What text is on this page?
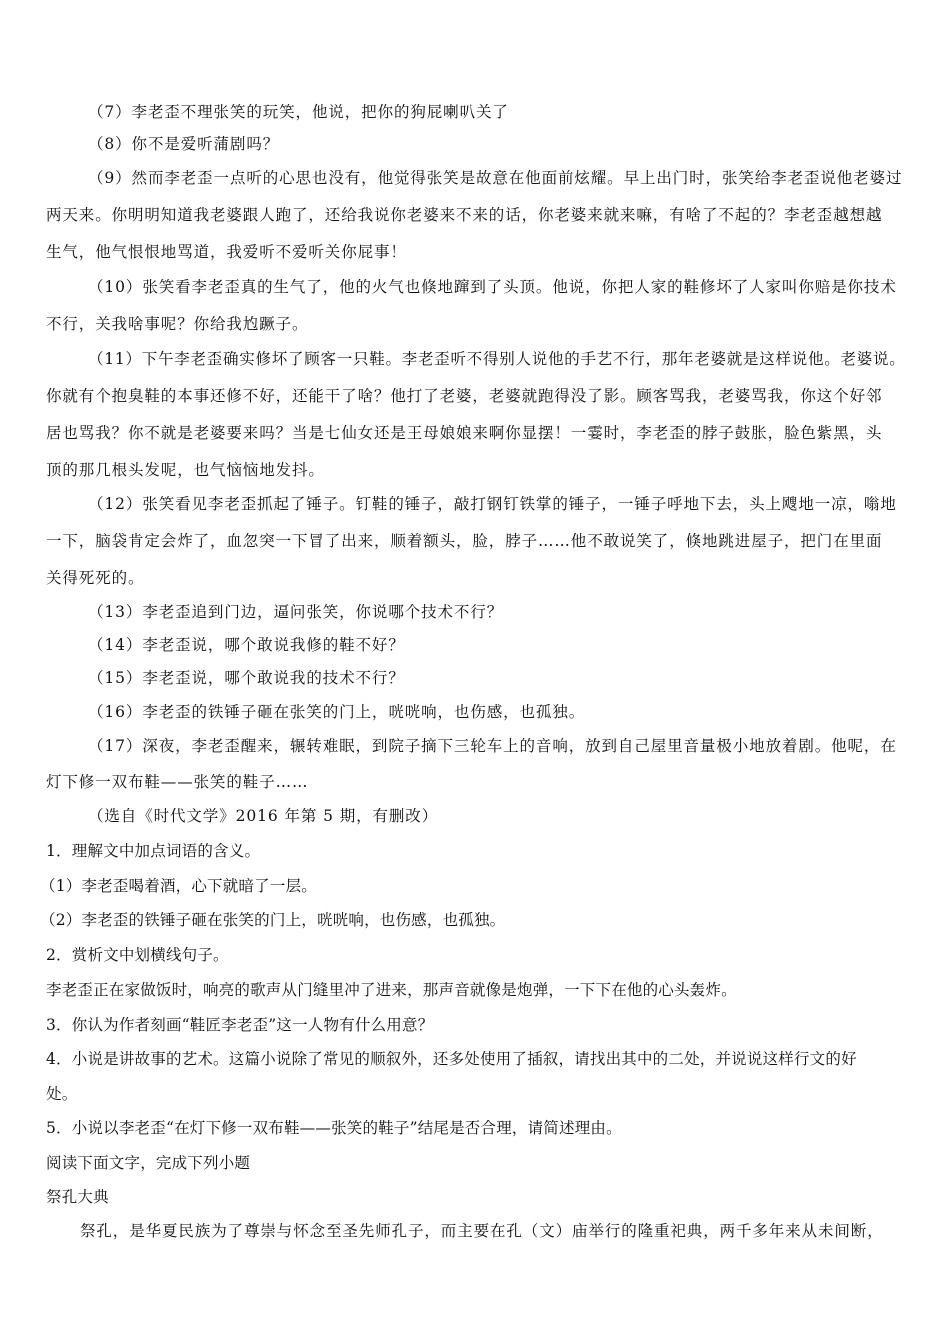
（7）李老歪不理张笑的玩笑，他说，把你的狗屁喇叭关了
（8）你不是爱听蒲剧吗？
（9）然而李老歪一点听的心思也没有，他觉得张笑是故意在他面前炫耀。早上出门时，张笑给李老歪说他老婆过
两天来。你明明知道我老婆跟人跑了，还给我说你老婆来不来的话，你老婆来就来嘛，有啥了不起的？李老歪越想越
生气，他气恨恨地骂道，我爱听不爱听关你屁事！
（10）张笑看李老歪真的生气了，他的火气也倏地蹿到了头顶。他说，你把人家的鞋修坏了人家叫你赔是你技术
不行，关我啥事呢？你给我尥蹶子。
（11）下午李老歪确实修坏了顾客一只鞋。李老歪听不得别人说他的手艺不行，那年老婆就是这样说他。老婆说。
你就有个抱臭鞋的本事还修不好，还能干了啥？他打了老婆，老婆就跑得没了影。顾客骂我，老婆骂我，你这个好邻
居也骂我？你不就是老婆要来吗？当是七仙女还是王母娘娘来啊你显摆！一霎时，李老歪的脖子鼓胀，脸色紫黑，头
顶的那几根头发呢，也气恼恼地发抖。
（12）张笑看见李老歪抓起了锤子。钉鞋的锤子，敲打钢钉铁掌的锤子，一锤子呼地下去，头上飕地一凉，嗡地
一下，脑袋肯定会炸了，血忽突一下冒了出来，顺着额头，脸，脖子……他不敢说笑了，倏地跳进屋子，把门在里面
关得死死的。
（13）李老歪追到门边，逼问张笑，你说哪个技术不行？
（14）李老歪说，哪个敢说我修的鞋不好？
（15）李老歪说，哪个敢说我的技术不行？
（16）李老歪的铁锤子砸在张笑的门上，咣咣响，也伤感，也孤独。
（17）深夜，李老歪醒来，辗转难眠，到院子摘下三轮车上的音响，放到自己屋里音量极小地放着剧。他呢，在
灯下修一双布鞋——张笑的鞋子……
（选自《时代文学》2016 年第 5 期，有删改）
1．理解文中加点词语的含义。
（1）李老歪喝着酒，心下就暗了一层。
（2）李老歪的铁锤子砸在张笑的门上，咣咣响，也伤感，也孤独。
2．赏析文中划横线句子。
李老歪正在家做饭时，响亮的歌声从门缝里冲了进来，那声音就像是炮弹，一下下在他的心头轰炸。
3．你认为作者刻画“鞋匠李老歪”这一人物有什么用意？
4．小说是讲故事的艺术。这篇小说除了常见的顺叙外，还多处使用了插叙，请找出其中的二处，并说说这样行文的好
处。
5．小说以李老歪“在灯下修一双布鞋——张笑的鞋子”结尾是否合理，请简述理由。
阅读下面文字，完成下列小题
祭孔大典
祭孔，是华夏民族为了尊崇与怀念至圣先师孔子，而主要在孔（文）庙举行的隆重祀典，两千多年来从未间断，
